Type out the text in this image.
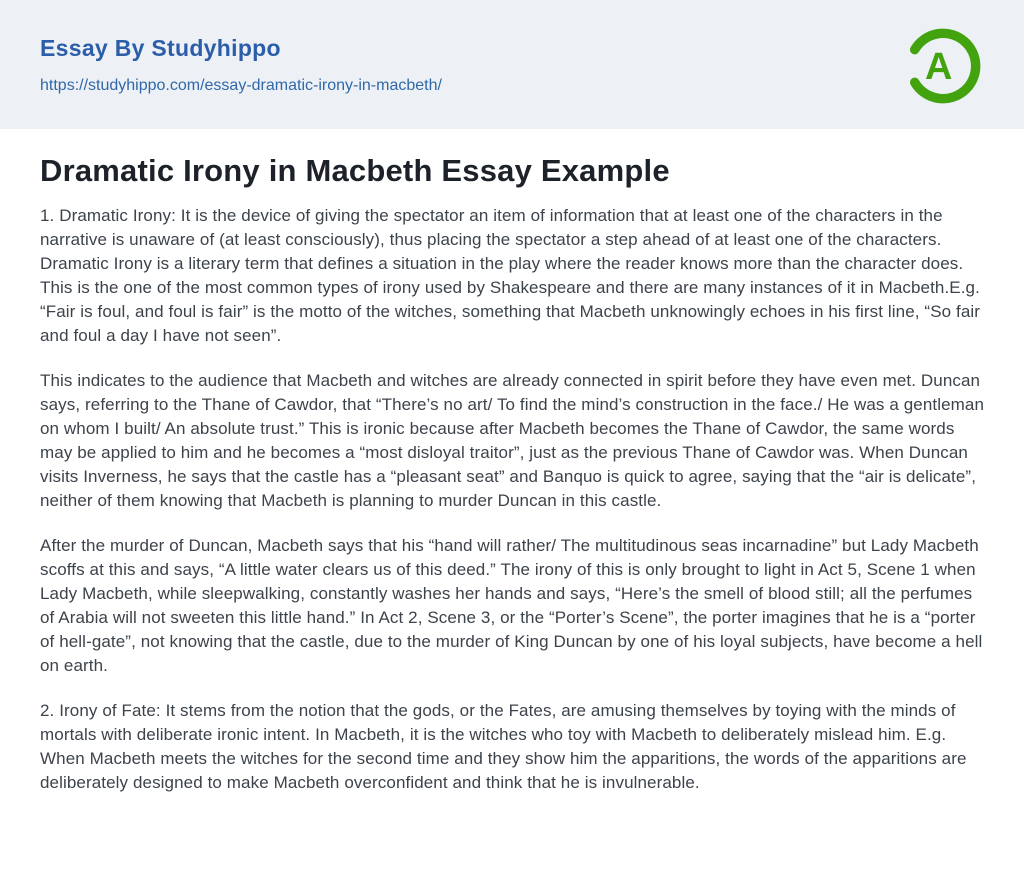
Essay By Studyhippo
https://studyhippo.com/essay-dramatic-irony-in-macbeth/	A
Dramatic Irony in Macbeth Essay Example

1. Dramatic Irony: It is the device of giving the spectator an item of information that at least one of the characters in the narrative is unaware of (at least consciously), thus placing the spectator a step ahead of at least one of the characters. Dramatic Irony is a literary term that defines a situation in the play where the reader knows more than the character does. This is the one of the most common types of irony used by Shakespeare and there are many instances of it in Macbeth.E.g. “Fair is foul, and foul is fair” is the motto of the witches, something that Macbeth unknowingly echoes in his first line, “So fair and foul a day I have not seen”.

This indicates to the audience that Macbeth and witches are already connected in spirit before they have even met. Duncan says, referring to the Thane of Cawdor, that “There’s no art/ To find the mind’s construction in the face./ He was a gentleman on whom I built/ An absolute trust.” This is ironic because after Macbeth becomes the Thane of Cawdor, the same words may be applied to him and he becomes a “most disloyal traitor”, just as the previous Thane of Cawdor was. When Duncan visits Inverness, he says that the castle has a “pleasant seat” and Banquo is quick to agree, saying that the “air is delicate”, neither of them knowing that Macbeth is planning to murder Duncan in this castle.

After the murder of Duncan, Macbeth says that his “hand will rather/ The multitudinous seas incarnadine” but Lady Macbeth scoffs at this and says, “A little water clears us of this deed.” The irony of this is only brought to light in Act 5, Scene 1 when Lady Macbeth, while sleepwalking, constantly washes her hands and says, “Here’s the smell of blood still; all the perfumes of Arabia will not sweeten this little hand.” In Act 2, Scene 3, or the “Porter’s Scene”, the porter imagines that he is a “porter of hell-gate”, not knowing that the castle, due to the murder of King Duncan by one of his loyal subjects, have become a hell on earth.

2. Irony of Fate: It stems from the notion that the gods, or the Fates, are amusing themselves by toying with the minds of mortals with deliberate ironic intent. In Macbeth, it is the witches who toy with Macbeth to deliberately mislead him. E.g. When Macbeth meets the witches for the second time and they show him the apparitions, the words of the apparitions are deliberately designed to make Macbeth overconfident and think that he is invulnerable.
